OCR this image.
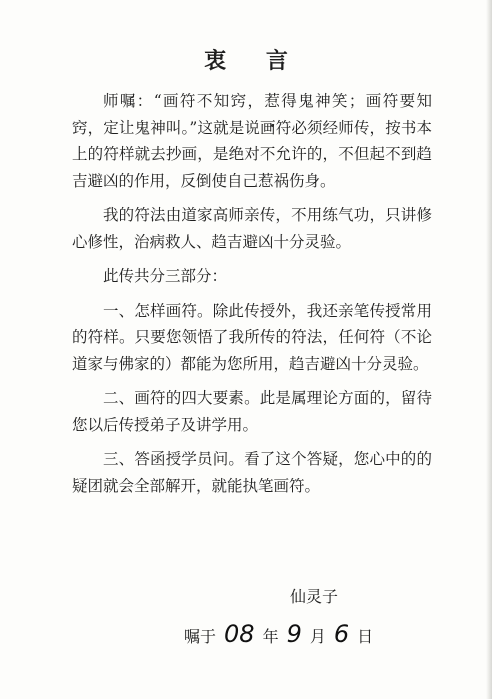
衷 言

师嘱：“画符不知窍，惹得鬼神笑；画符要知窍，定让鬼神叫。”这就是说画符必须经师传，按书本上的符样就去抄画，是绝对不允许的，不但起不到趋吉避凶的作用，反倒使自己惹祸伤身。

我的符法由道家高师亲传，不用练气功，只讲修心修性，治病救人、趋吉避凶十分灵验。

此传共分三部分：

一、怎样画符。除此传授外，我还亲笔传授常用的符样。只要您领悟了我所传的符法，任何符（不论道家与佛家的）都能为您所用，趋吉避凶十分灵验。

二、画符的四大要素。此是属理论方面的，留待您以后传授弟子及讲学用。

三、答函授学员问。看了这个答疑，您心中的的疑团就会全部解开，就能执笔画符。

仙灵子
嘱于 08 年 9 月 6 日
